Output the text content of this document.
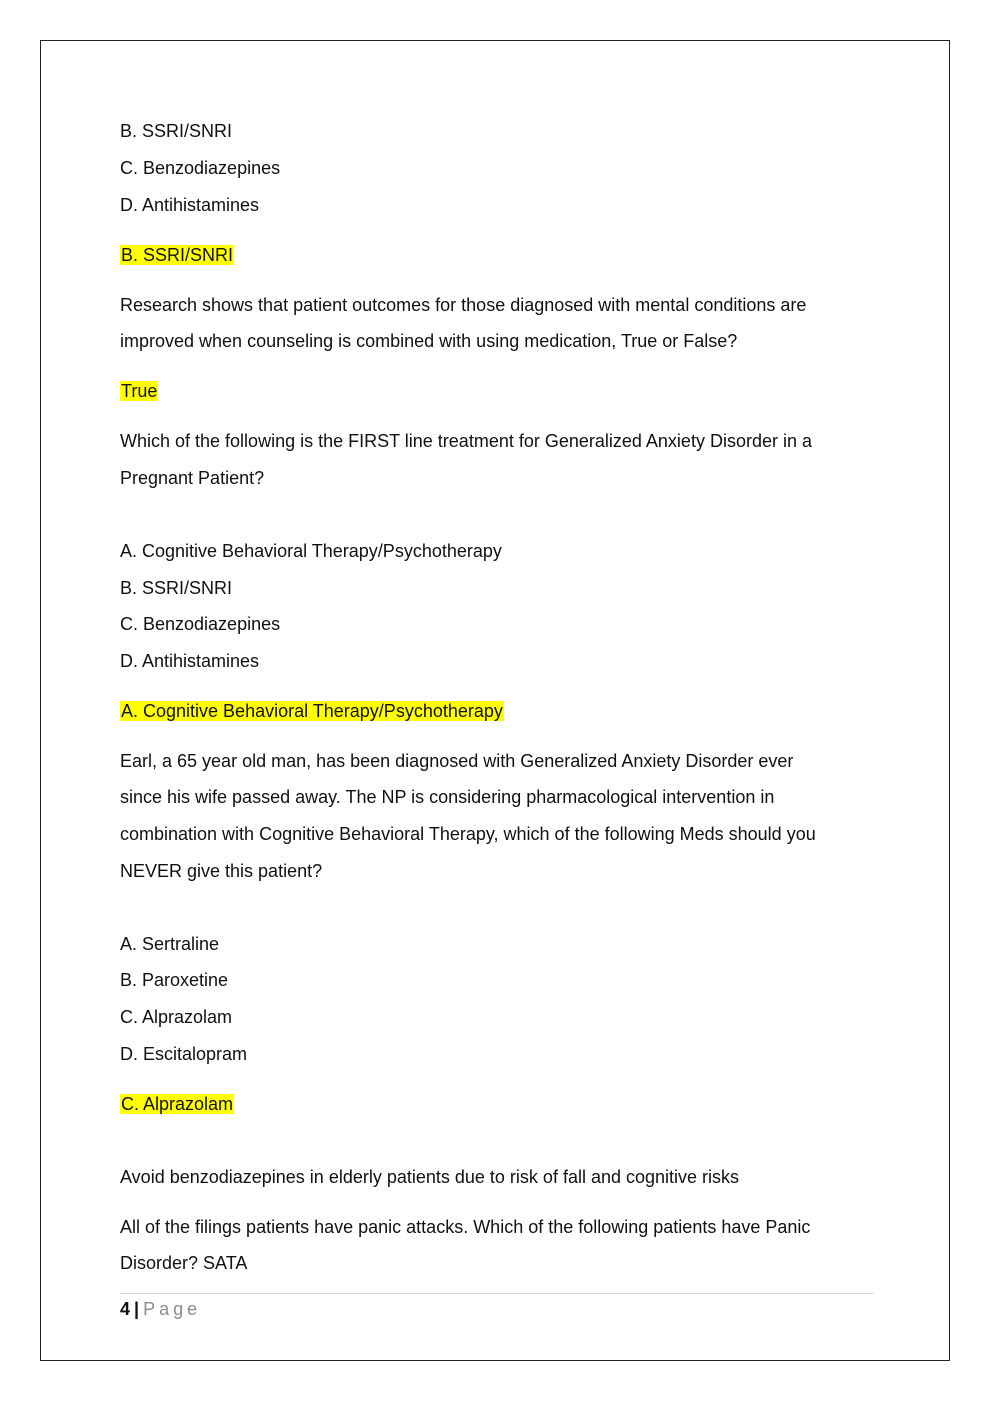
B. SSRI/SNRI
C. Benzodiazepines
D. Antihistamines
B. SSRI/SNRI
Research shows that patient outcomes for those diagnosed with mental conditions are
improved when counseling is combined with using medication, True or False?
True
Which of the following is the FIRST line treatment for Generalized Anxiety Disorder in a
Pregnant Patient?
A. Cognitive Behavioral Therapy/Psychotherapy
B. SSRI/SNRI
C. Benzodiazepines
D. Antihistamines
A. Cognitive Behavioral Therapy/Psychotherapy
Earl, a 65 year old man, has been diagnosed with Generalized Anxiety Disorder ever
since his wife passed away. The NP is considering pharmacological intervention in
combination with Cognitive Behavioral Therapy, which of the following Meds should you
NEVER give this patient?
A. Sertraline
B. Paroxetine
C. Alprazolam
D. Escitalopram
C. Alprazolam
Avoid benzodiazepines in elderly patients due to risk of fall and cognitive risks
All of the filings patients have panic attacks. Which of the following patients have Panic
Disorder? SATA
4 | Page
